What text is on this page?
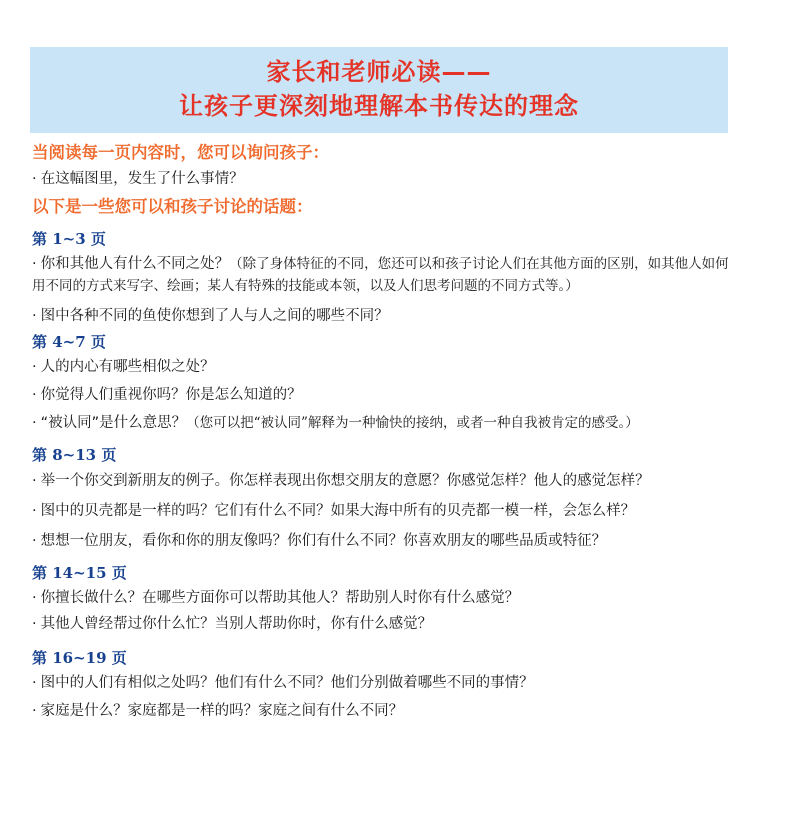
家长和老师必读——
让孩子更深刻地理解本书传达的理念
当阅读每一页内容时，您可以询问孩子：

· 在这幅图里，发生了什么事情？

以下是一些您可以和孩子讨论的话题：
第 1~3 页

· 你和其他人有什么不同之处？（除了身体特征的不同，您还可以和孩子讨论人们在其他方面的区别，如其他人如何用不同的方式来写字、绘画；某人有特殊的技能或本领，以及人们思考问题的不同方式等。）

· 图中各种不同的鱼使你想到了人与人之间的哪些不同？

第 4~7 页

· 人的内心有哪些相似之处？

· 你觉得人们重视你吗？你是怎么知道的？

· “被认同”是什么意思？（您可以把“被认同”解释为一种愉快的接纳，或者一种自我被肯定的感受。）

第 8~13 页

· 举一个你交到新朋友的例子。你怎样表现出你想交朋友的意愿？你感觉怎样？他人的感觉怎样？

· 图中的贝壳都是一样的吗？它们有什么不同？如果大海中所有的贝壳都一模一样，会怎么样？

· 想想一位朋友，看你和你的朋友像吗？你们有什么不同？你喜欢朋友的哪些品质或特征？

第 14~15 页

· 你擅长做什么？在哪些方面你可以帮助其他人？帮助别人时你有什么感觉？

· 其他人曾经帮过你什么忙？当别人帮助你时，你有什么感觉？

第 16~19 页

· 图中的人们有相似之处吗？他们有什么不同？他们分别做着哪些不同的事情？

· 家庭是什么？家庭都是一样的吗？家庭之间有什么不同？
